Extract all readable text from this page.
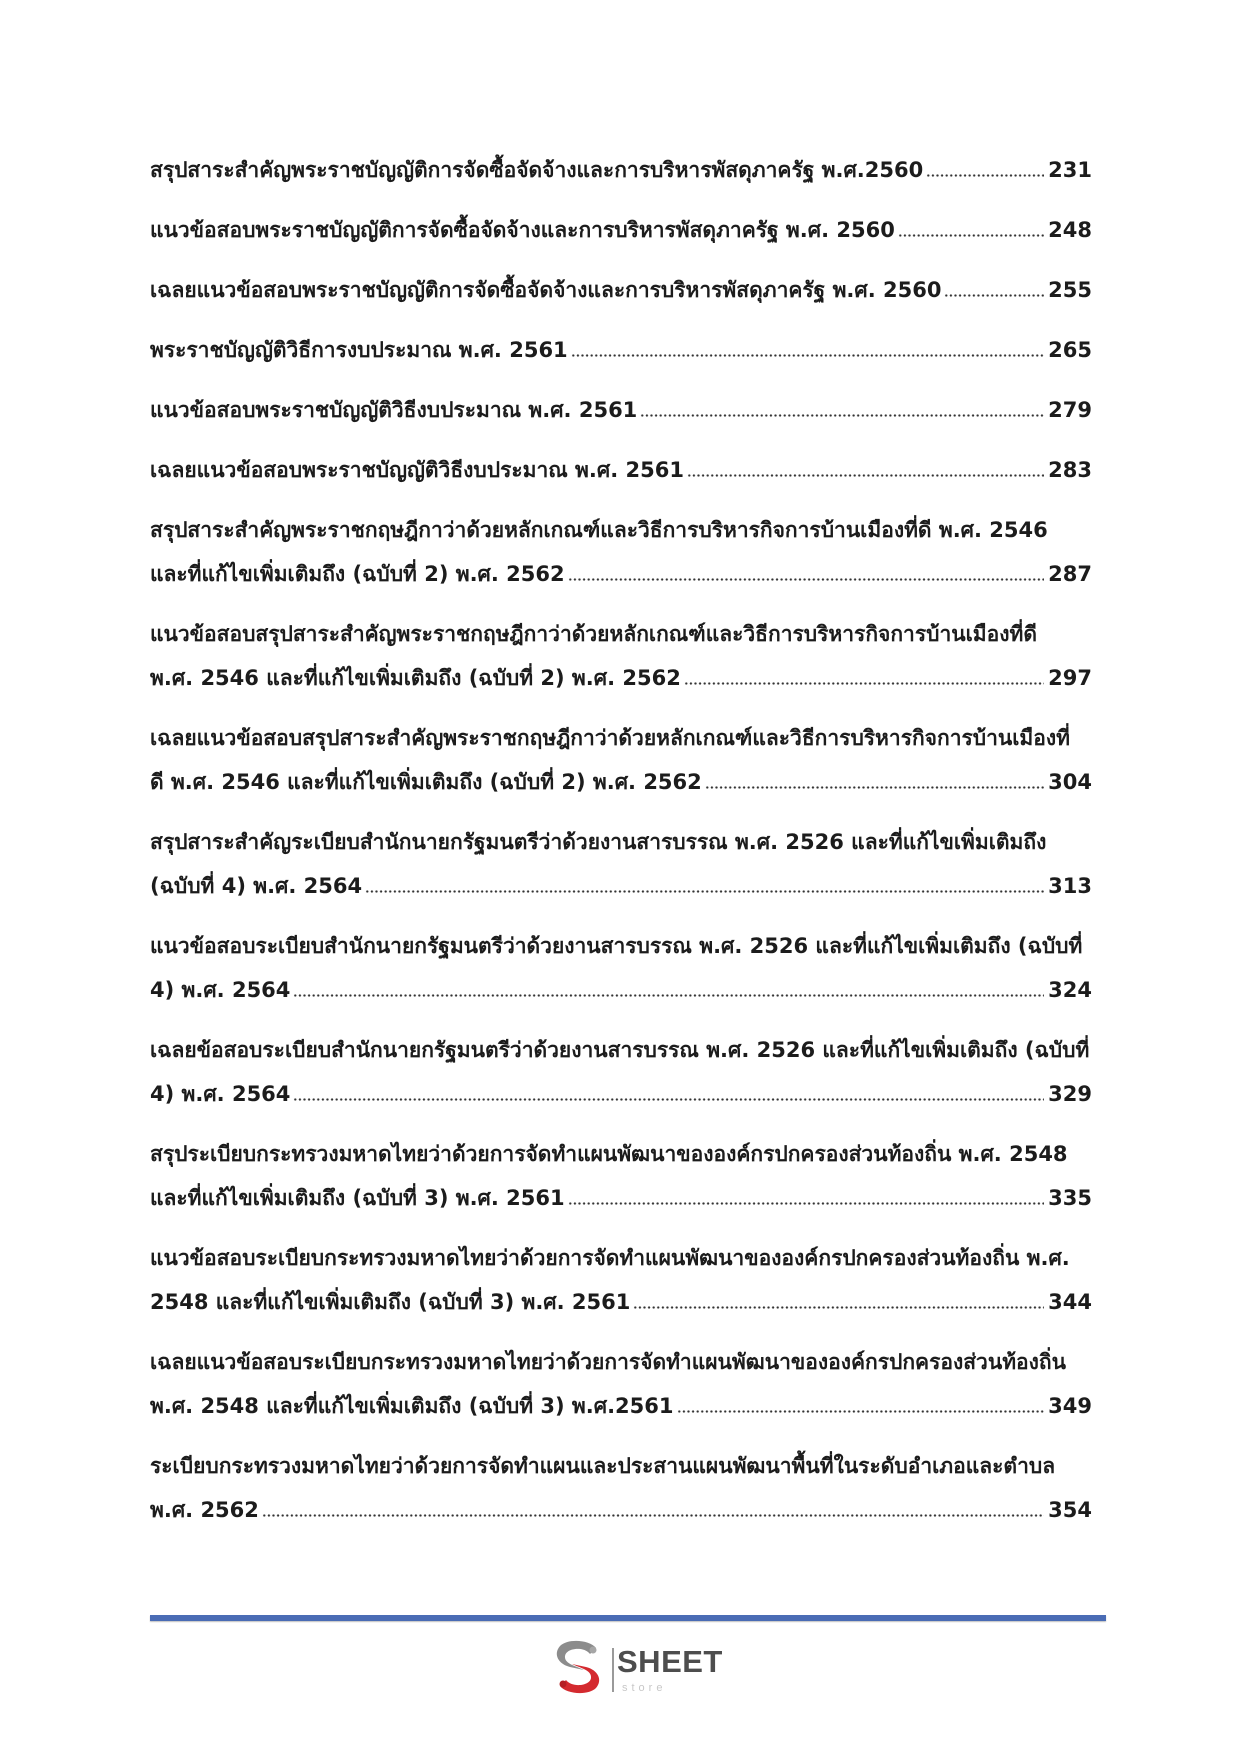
สรุปสาระสำคัญพระราชบัญญัติการจัดซื้อจัดจ้างและการบริหารพัสดุภาครัฐ พ.ศ.2560	231
แนวข้อสอบพระราชบัญญัติการจัดซื้อจัดจ้างและการบริหารพัสดุภาครัฐ พ.ศ. 2560	248
เฉลยแนวข้อสอบพระราชบัญญัติการจัดซื้อจัดจ้างและการบริหารพัสดุภาครัฐ พ.ศ. 2560	255
พระราชบัญญัติวิธีการงบประมาณ พ.ศ. 2561	265
แนวข้อสอบพระราชบัญญัติวิธีงบประมาณ พ.ศ. 2561	279
เฉลยแนวข้อสอบพระราชบัญญัติวิธีงบประมาณ พ.ศ. 2561	283
สรุปสาระสำคัญพระราชกฤษฎีกาว่าด้วยหลักเกณฑ์และวิธีการบริหารกิจการบ้านเมืองที่ดี พ.ศ. 2546
และที่แก้ไขเพิ่มเติมถึง (ฉบับที่ 2) พ.ศ. 2562	287
แนวข้อสอบสรุปสาระสำคัญพระราชกฤษฎีกาว่าด้วยหลักเกณฑ์และวิธีการบริหารกิจการบ้านเมืองที่ดี
พ.ศ. 2546 และที่แก้ไขเพิ่มเติมถึง (ฉบับที่ 2) พ.ศ. 2562	297
เฉลยแนวข้อสอบสรุปสาระสำคัญพระราชกฤษฎีกาว่าด้วยหลักเกณฑ์และวิธีการบริหารกิจการบ้านเมืองที่
ดี พ.ศ. 2546 และที่แก้ไขเพิ่มเติมถึง (ฉบับที่ 2) พ.ศ. 2562	304
สรุปสาระสำคัญระเบียบสำนักนายกรัฐมนตรีว่าด้วยงานสารบรรณ พ.ศ. 2526 และที่แก้ไขเพิ่มเติมถึง
(ฉบับที่ 4) พ.ศ. 2564	313
แนวข้อสอบระเบียบสำนักนายกรัฐมนตรีว่าด้วยงานสารบรรณ พ.ศ. 2526 และที่แก้ไขเพิ่มเติมถึง (ฉบับที่
4) พ.ศ. 2564	324
เฉลยข้อสอบระเบียบสำนักนายกรัฐมนตรีว่าด้วยงานสารบรรณ พ.ศ. 2526 และที่แก้ไขเพิ่มเติมถึง (ฉบับที่
4) พ.ศ. 2564	329
สรุประเบียบกระทรวงมหาดไทยว่าด้วยการจัดทำแผนพัฒนาขององค์กรปกครองส่วนท้องถิ่น พ.ศ. 2548
และที่แก้ไขเพิ่มเติมถึง (ฉบับที่ 3) พ.ศ. 2561	335
แนวข้อสอบระเบียบกระทรวงมหาดไทยว่าด้วยการจัดทำแผนพัฒนาขององค์กรปกครองส่วนท้องถิ่น พ.ศ.
2548 และที่แก้ไขเพิ่มเติมถึง (ฉบับที่ 3) พ.ศ. 2561	344
เฉลยแนวข้อสอบระเบียบกระทรวงมหาดไทยว่าด้วยการจัดทำแผนพัฒนาขององค์กรปกครองส่วนท้องถิ่น
พ.ศ. 2548 และที่แก้ไขเพิ่มเติมถึง (ฉบับที่ 3) พ.ศ.2561	349
ระเบียบกระทรวงมหาดไทยว่าด้วยการจัดทำแผนและประสานแผนพัฒนาพื้นที่ในระดับอำเภอและตำบล
พ.ศ. 2562	354
SHEET
store
